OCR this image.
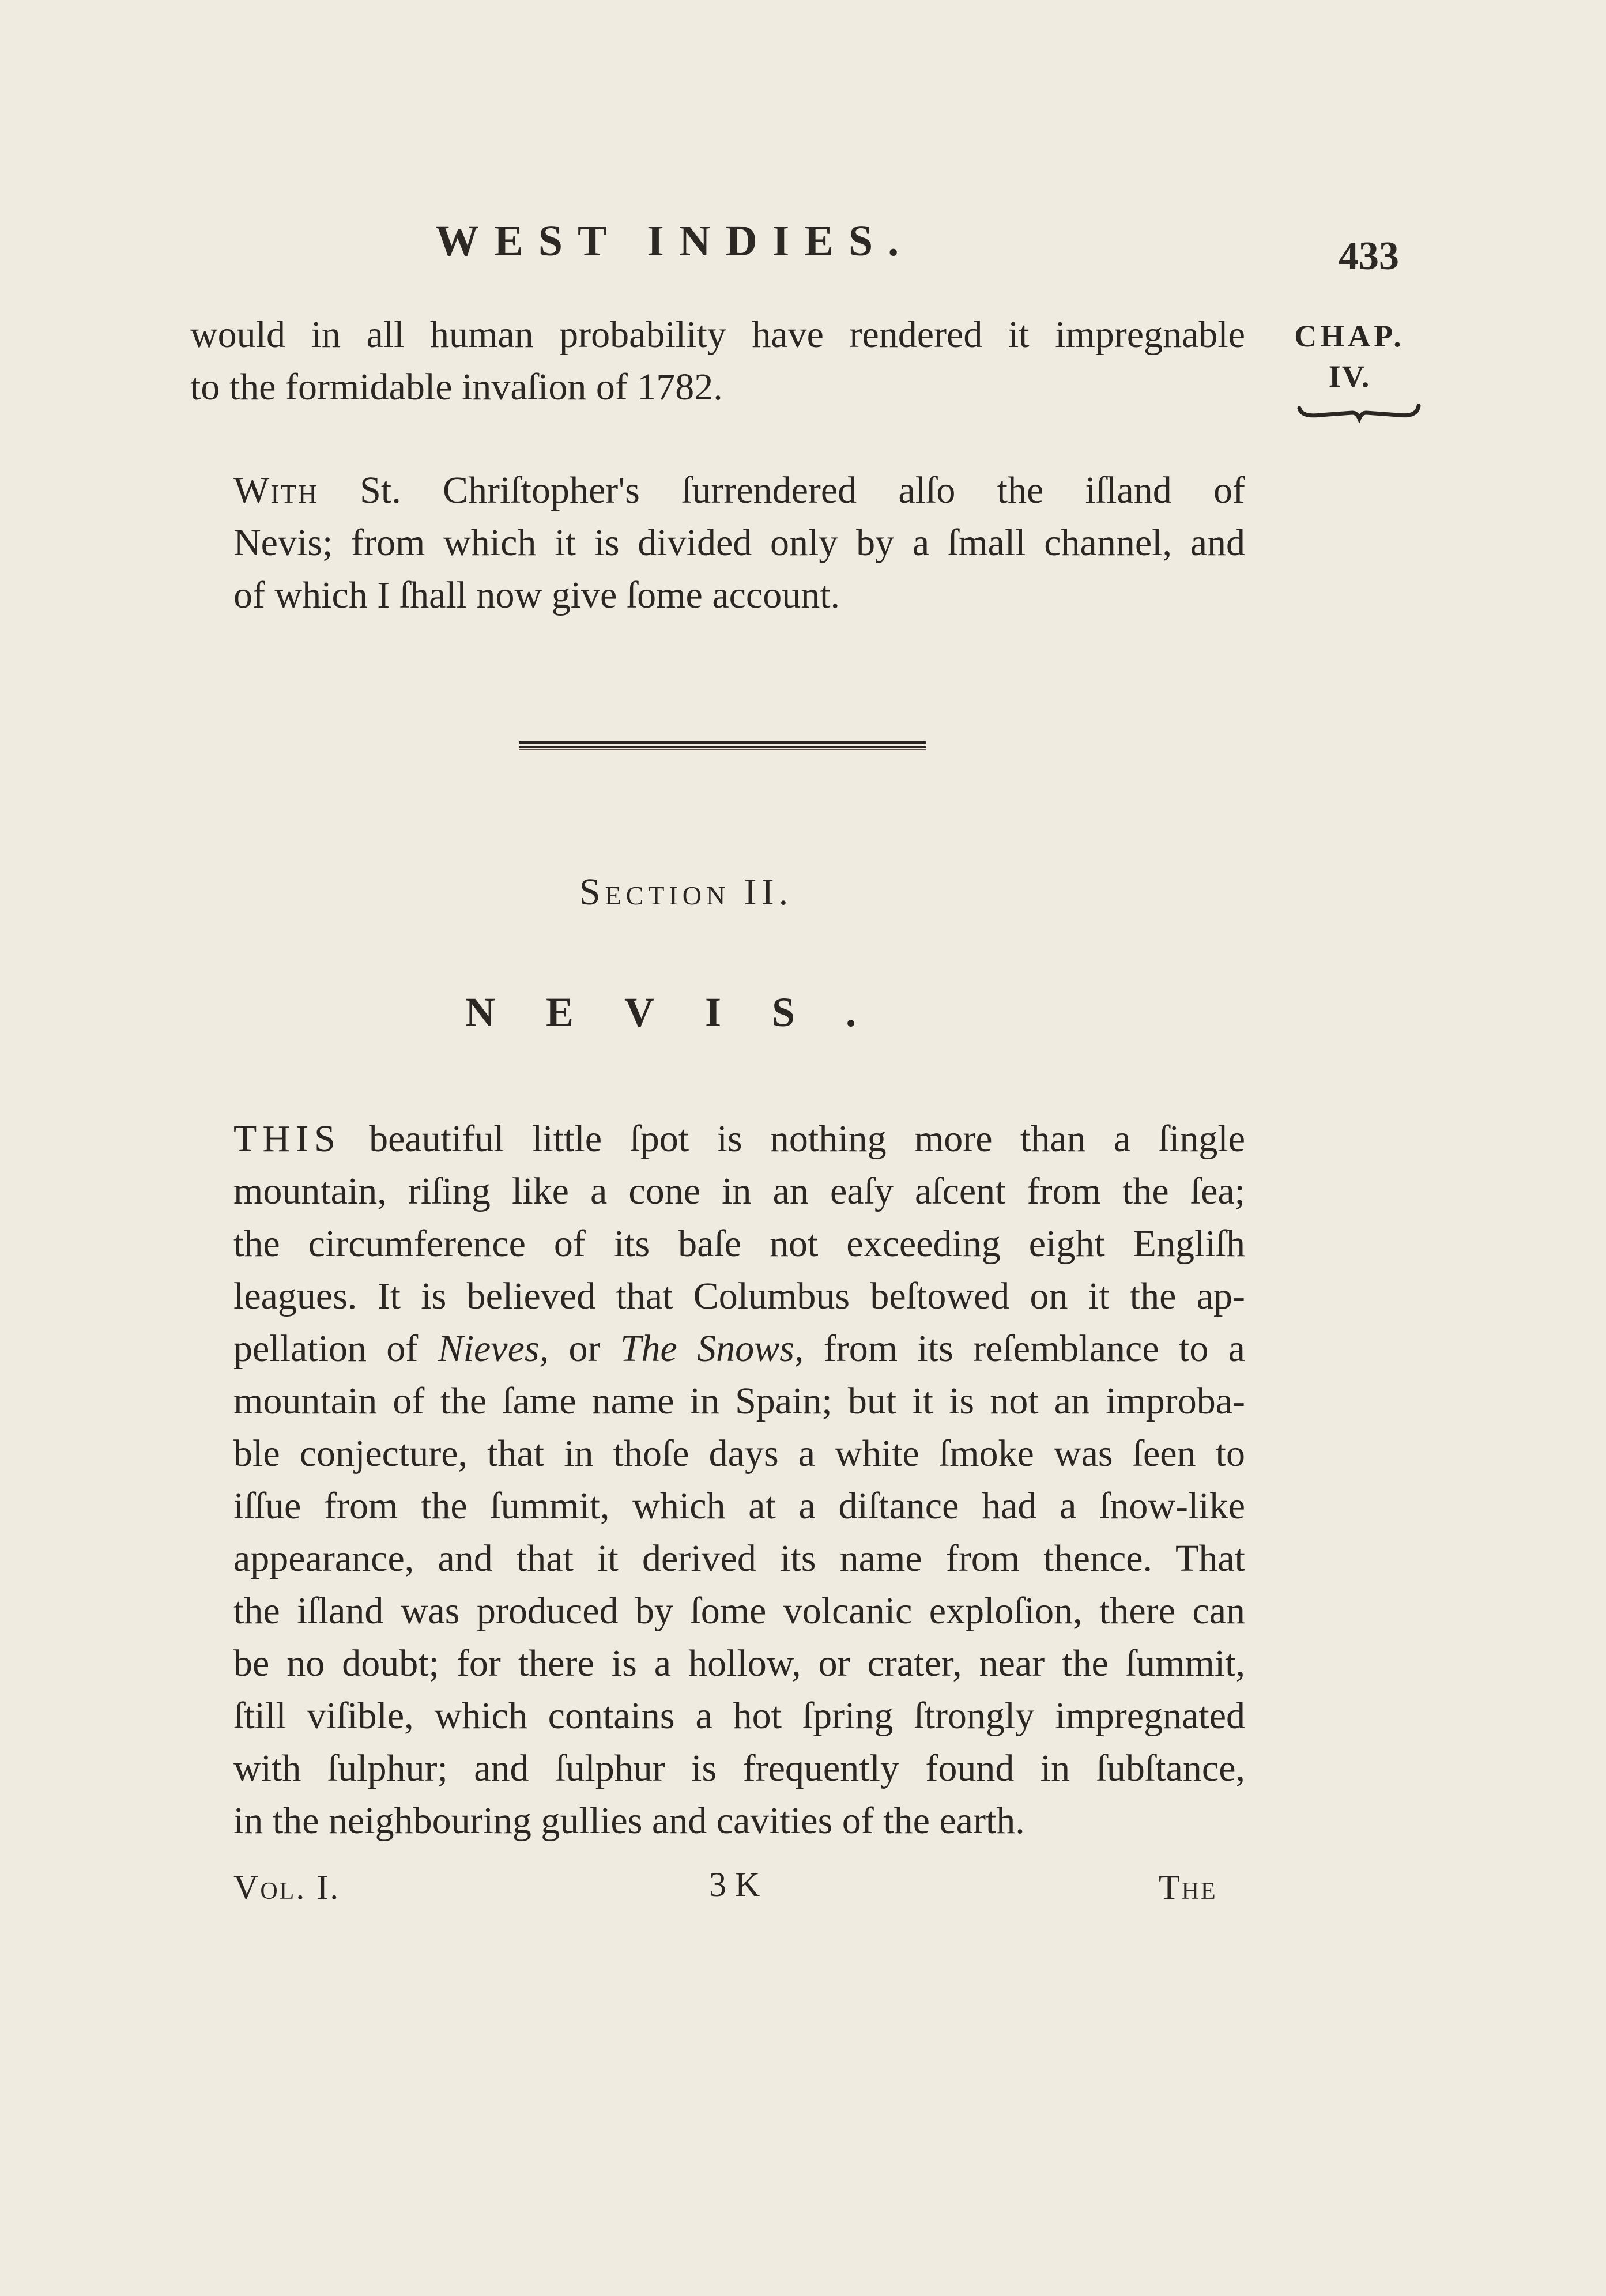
WEST INDIES.	433
CHAP.
IV.
would in all human probability have rendered it impregnable
to the formidable invaſion of 1782.
With St. Chriſtopher's ſurrendered alſo the iſland of
Nevis; from which it is divided only by a ſmall channel, and
of which I ſhall now give ſome account.
Section II.
NEVIS.
THIS beautiful little ſpot is nothing more than a ſingle
mountain, riſing like a cone in an eaſy aſcent from the ſea;
the circumference of its baſe not exceeding eight Engliſh
leagues. It is believed that Columbus beſtowed on it the ap-
pellation of Nieves, or The Snows, from its reſemblance to a
mountain of the ſame name in Spain; but it is not an improba-
ble conjecture, that in thoſe days a white ſmoke was ſeen to
iſſue from the ſummit, which at a diſtance had a ſnow-like
appearance, and that it derived its name from thence. That
the iſland was produced by ſome volcanic exploſion, there can
be no doubt; for there is a hollow, or crater, near the ſummit,
ſtill viſible, which contains a hot ſpring ſtrongly impregnated
with ſulphur; and ſulphur is frequently found in ſubſtance,
in the neighbouring gullies and cavities of the earth.
Vol. I.	3 K	The
